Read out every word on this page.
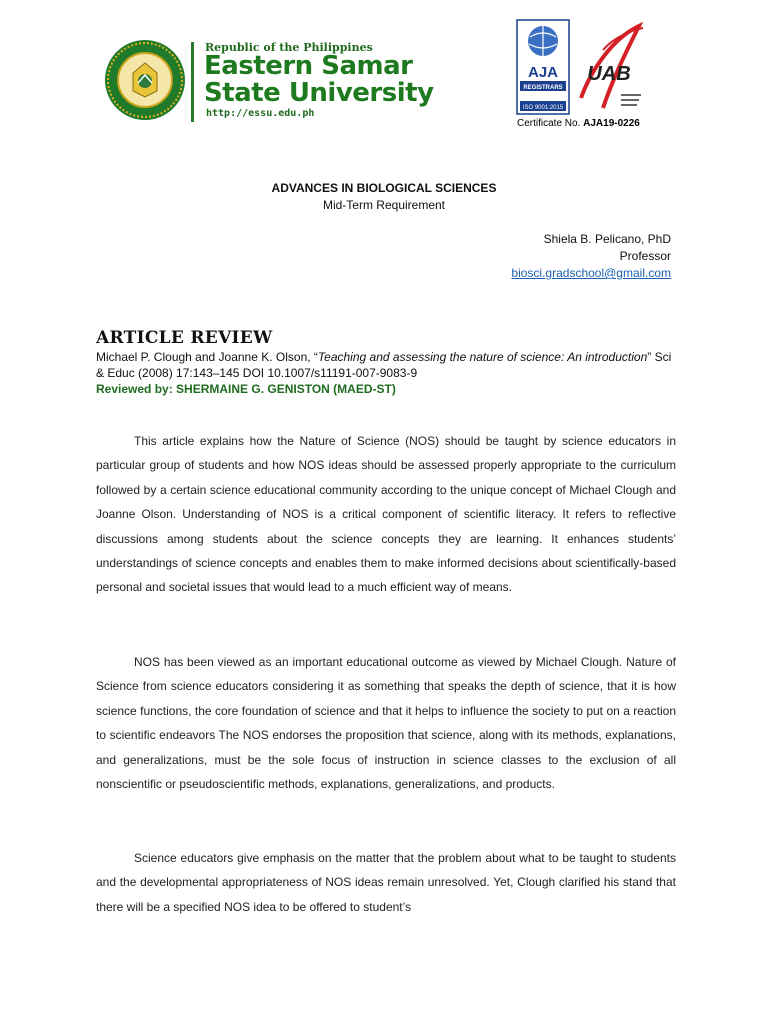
Republic of the Philippines
Eastern Samar
State University
http://essu.edu.ph
AJA
REGISTRARS
ISO 9001:2015
UAB
Certificate No. AJA19-0226
ADVANCES IN BIOLOGICAL SCIENCES
Mid-Term Requirement
Shiela B. Pelicano, PhD
Professor
biosci.gradschool@gmail.com
ARTICLE REVIEW
Michael P. Clough and Joanne K. Olson, “Teaching and assessing the nature of science: An introduction” Sci & Educ (2008) 17:143–145 DOI 10.1007/s11191-007-9083-9
Reviewed by: SHERMAINE G. GENISTON (MAED-ST)

This article explains how the Nature of Science (NOS) should be taught by science educators in particular group of students and how NOS ideas should be assessed properly appropriate to the curriculum followed by a certain science educational community according to the unique concept of Michael Clough and Joanne Olson. Understanding of NOS is a critical component of scientific literacy. It refers to reflective discussions among students about the science concepts they are learning. It enhances students’ understandings of science concepts and enables them to make informed decisions about scientifically-based personal and societal issues that would lead to a much efficient way of means.

NOS has been viewed as an important educational outcome as viewed by Michael Clough. Nature of Science from science educators considering it as something that speaks the depth of science, that it is how science functions, the core foundation of science and that it helps to influence the society to put on a reaction to scientific endeavors The NOS endorses the proposition that science, along with its methods, explanations, and generalizations, must be the sole focus of instruction in science classes to the exclusion of all nonscientific or pseudoscientific methods, explanations, generalizations, and products.

Science educators give emphasis on the matter that the problem about what to be taught to students and the developmental appropriateness of NOS ideas remain unresolved. Yet, Clough clarified his stand that there will be a specified NOS idea to be offered to student’s
